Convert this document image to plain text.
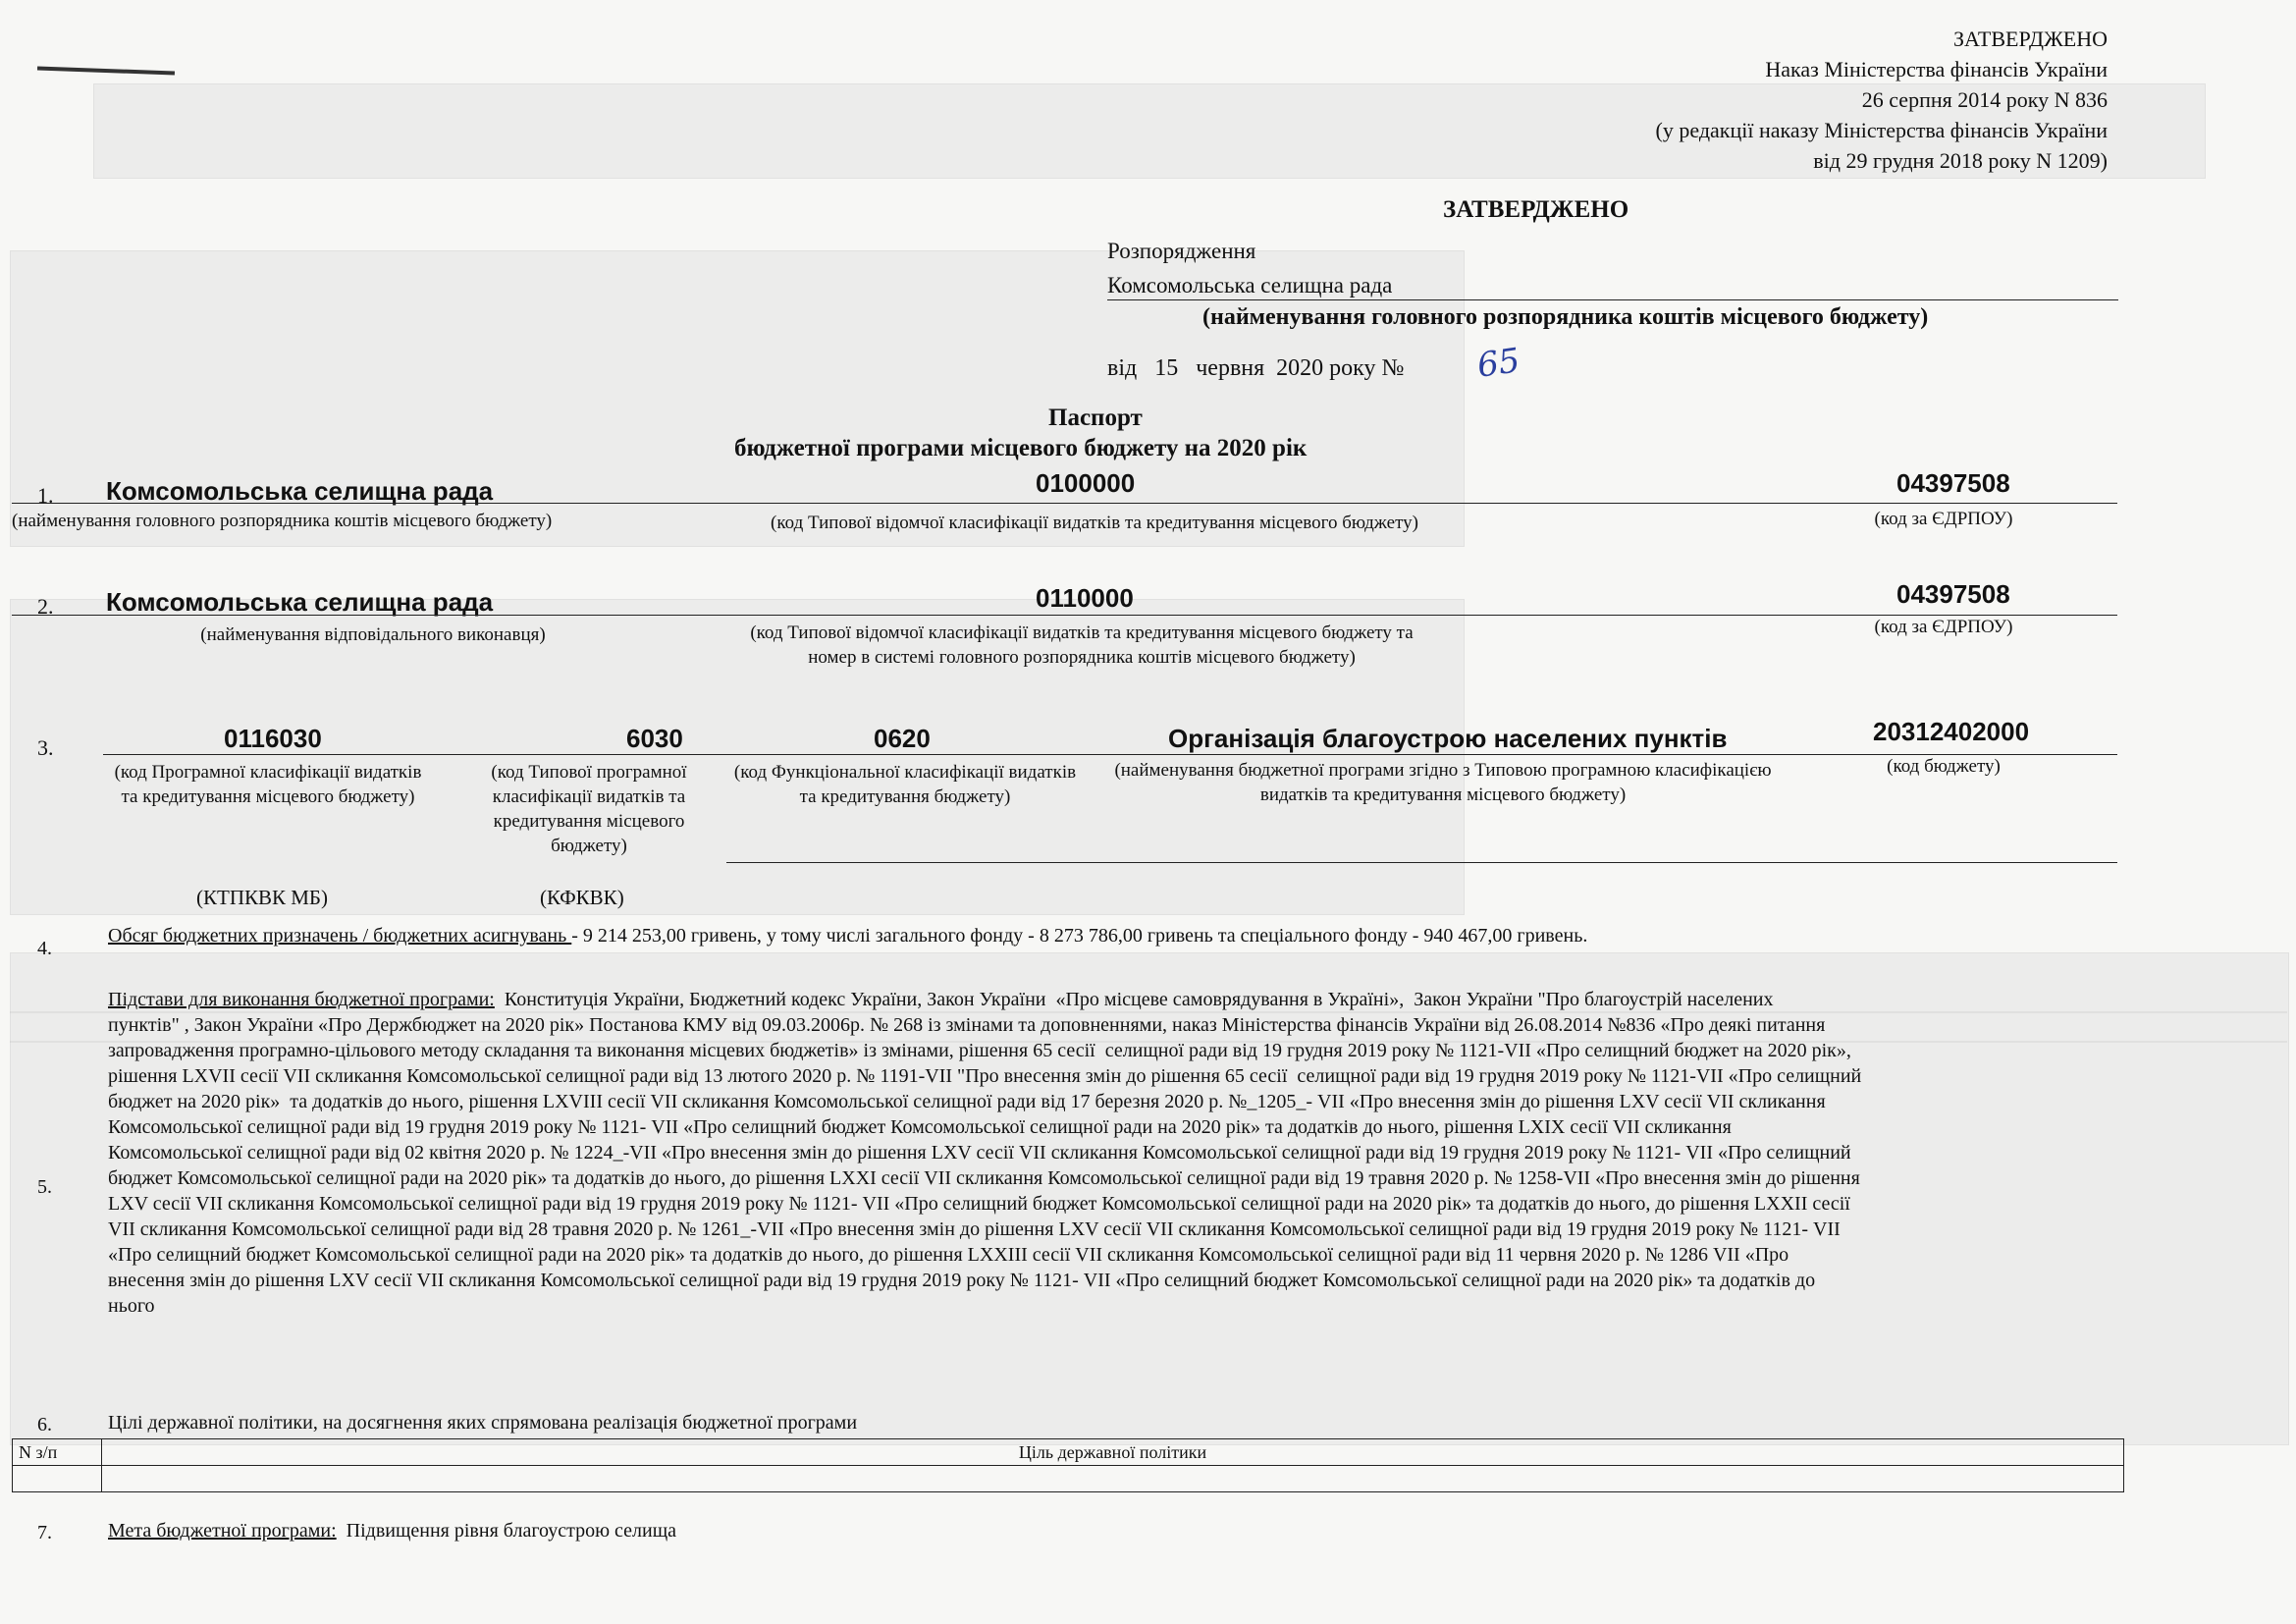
ЗАТВЕРДЖЕНО
Наказ Міністерства фінансів України
26 серпня 2014 року N 836
(у редакції наказу Міністерства фінансів України
від 29 грудня 2018 року N 1209)
ЗАТВЕРДЖЕНО
Розпорядження
Комсомольська селищна рада
(найменування головного розпорядника коштів місцевого бюджету)
від 15 червня  2020 року № 65
Паспорт
бюджетної програми місцевого бюджету на 2020 рік
1. Комсомольська селищна рада	0100000	04397508
(найменування головного розпорядника коштів місцевого бюджету)	(код Типової відомчої класифікації видатків та кредитування місцевого бюджету)	(код за ЄДРПОУ)
2. Комсомольська селищна рада	0110000	04397508
(найменування відповідального виконавця)	(код Типової відомчої класифікації видатків та кредитування місцевого бюджету та номер в системі головного розпорядника коштів місцевого бюджету)
(код за ЄДРПОУ)
3.	0116030	6030	0620	Організація благоустрою населених пунктів	20312402000
(код Програмної класифікації видатків та кредитування місцевого бюджету)
(код Типової програмної класифікації видатків та кредитування місцевого бюджету)
(код Функціональної класифікації видатків та кредитування бюджету)
(найменування бюджетної програми згідно з Типовою програмною класифікацією видатків та кредитування місцевого бюджету)
(код бюджету)
(КТПКВК МБ)	(КФКВК)
4.
Обсяг бюджетних призначень / бюджетних асигнувань - 9 214 253,00 гривень, у тому числі загального фонду - 8 273 786,00 гривень та спеціального фонду - 940 467,00 гривень.
5.
Підстави для виконання бюджетної програми:  Конституція України, Бюджетний кодекс України, Закон України  «Про місцеве самоврядування в Україні»,  Закон України "Про благоустрій населених
пунктів" , Закон України «Про Держбюджет на 2020 рік» Постанова КМУ від 09.03.2006р. № 268 із змінами та доповненнями, наказ Міністерства фінансів України від 26.08.2014 №836 «Про деякі питання
запровадження програмно-цільового методу складання та виконання місцевих бюджетів» із змінами, рішення 65 сесії  селищної ради від 19 грудня 2019 року № 1121-VII «Про селищний бюджет на 2020 рік»,
рішення LXVII сесії VII скликання Комсомольської селищної ради від 13 лютого 2020 р. № 1191-VII "Про внесення змін до рішення 65 сесії  селищної ради від 19 грудня 2019 року № 1121-VII «Про селищний
бюджет на 2020 рік»  та додатків до нього, рішення LXVIII сесії VII скликання Комсомольської селищної ради від 17 березня 2020 р. №_1205_- VII «Про внесення змін до рішення LXV сесії VII скликання
Комсомольської селищної ради від 19 грудня 2019 року № 1121- VII «Про селищний бюджет Комсомольської селищної ради на 2020 рік» та додатків до нього, рішення LXIX сесії VII скликання
Комсомольської селищної ради від 02 квітня 2020 р. № 1224_-VII «Про внесення змін до рішення LXV сесії VII скликання Комсомольської селищної ради від 19 грудня 2019 року № 1121- VII «Про селищний
бюджет Комсомольської селищної ради на 2020 рік» та додатків до нього, до рішення LXXI сесії VII скликання Комсомольської селищної ради від 19 травня 2020 р. № 1258-VII «Про внесення змін до рішення
LXV сесії VII скликання Комсомольської селищної ради від 19 грудня 2019 року № 1121- VII «Про селищний бюджет Комсомольської селищної ради на 2020 рік» та додатків до нього, до рішення LXXII сесії
VII скликання Комсомольської селищної ради від 28 травня 2020 р. № 1261_-VII «Про внесення змін до рішення LXV сесії VII скликання Комсомольської селищної ради від 19 грудня 2019 року № 1121- VII
«Про селищний бюджет Комсомольської селищної ради на 2020 рік» та додатків до нього, до рішення LXXIII сесії VII скликання Комсомольської селищної ради від 11 червня 2020 р. № 1286 VII «Про
внесення змін до рішення LXV сесії VII скликання Комсомольської селищної ради від 19 грудня 2019 року № 1121- VII «Про селищний бюджет Комсомольської селищної ради на 2020 рік» та додатків до
нього
6.	Цілі державної політики, на досягнення яких спрямована реалізація бюджетної програми
N з/п	Ціль державної політики

7.	Мета бюджетної програми:  Підвищення рівня благоустрою селища
